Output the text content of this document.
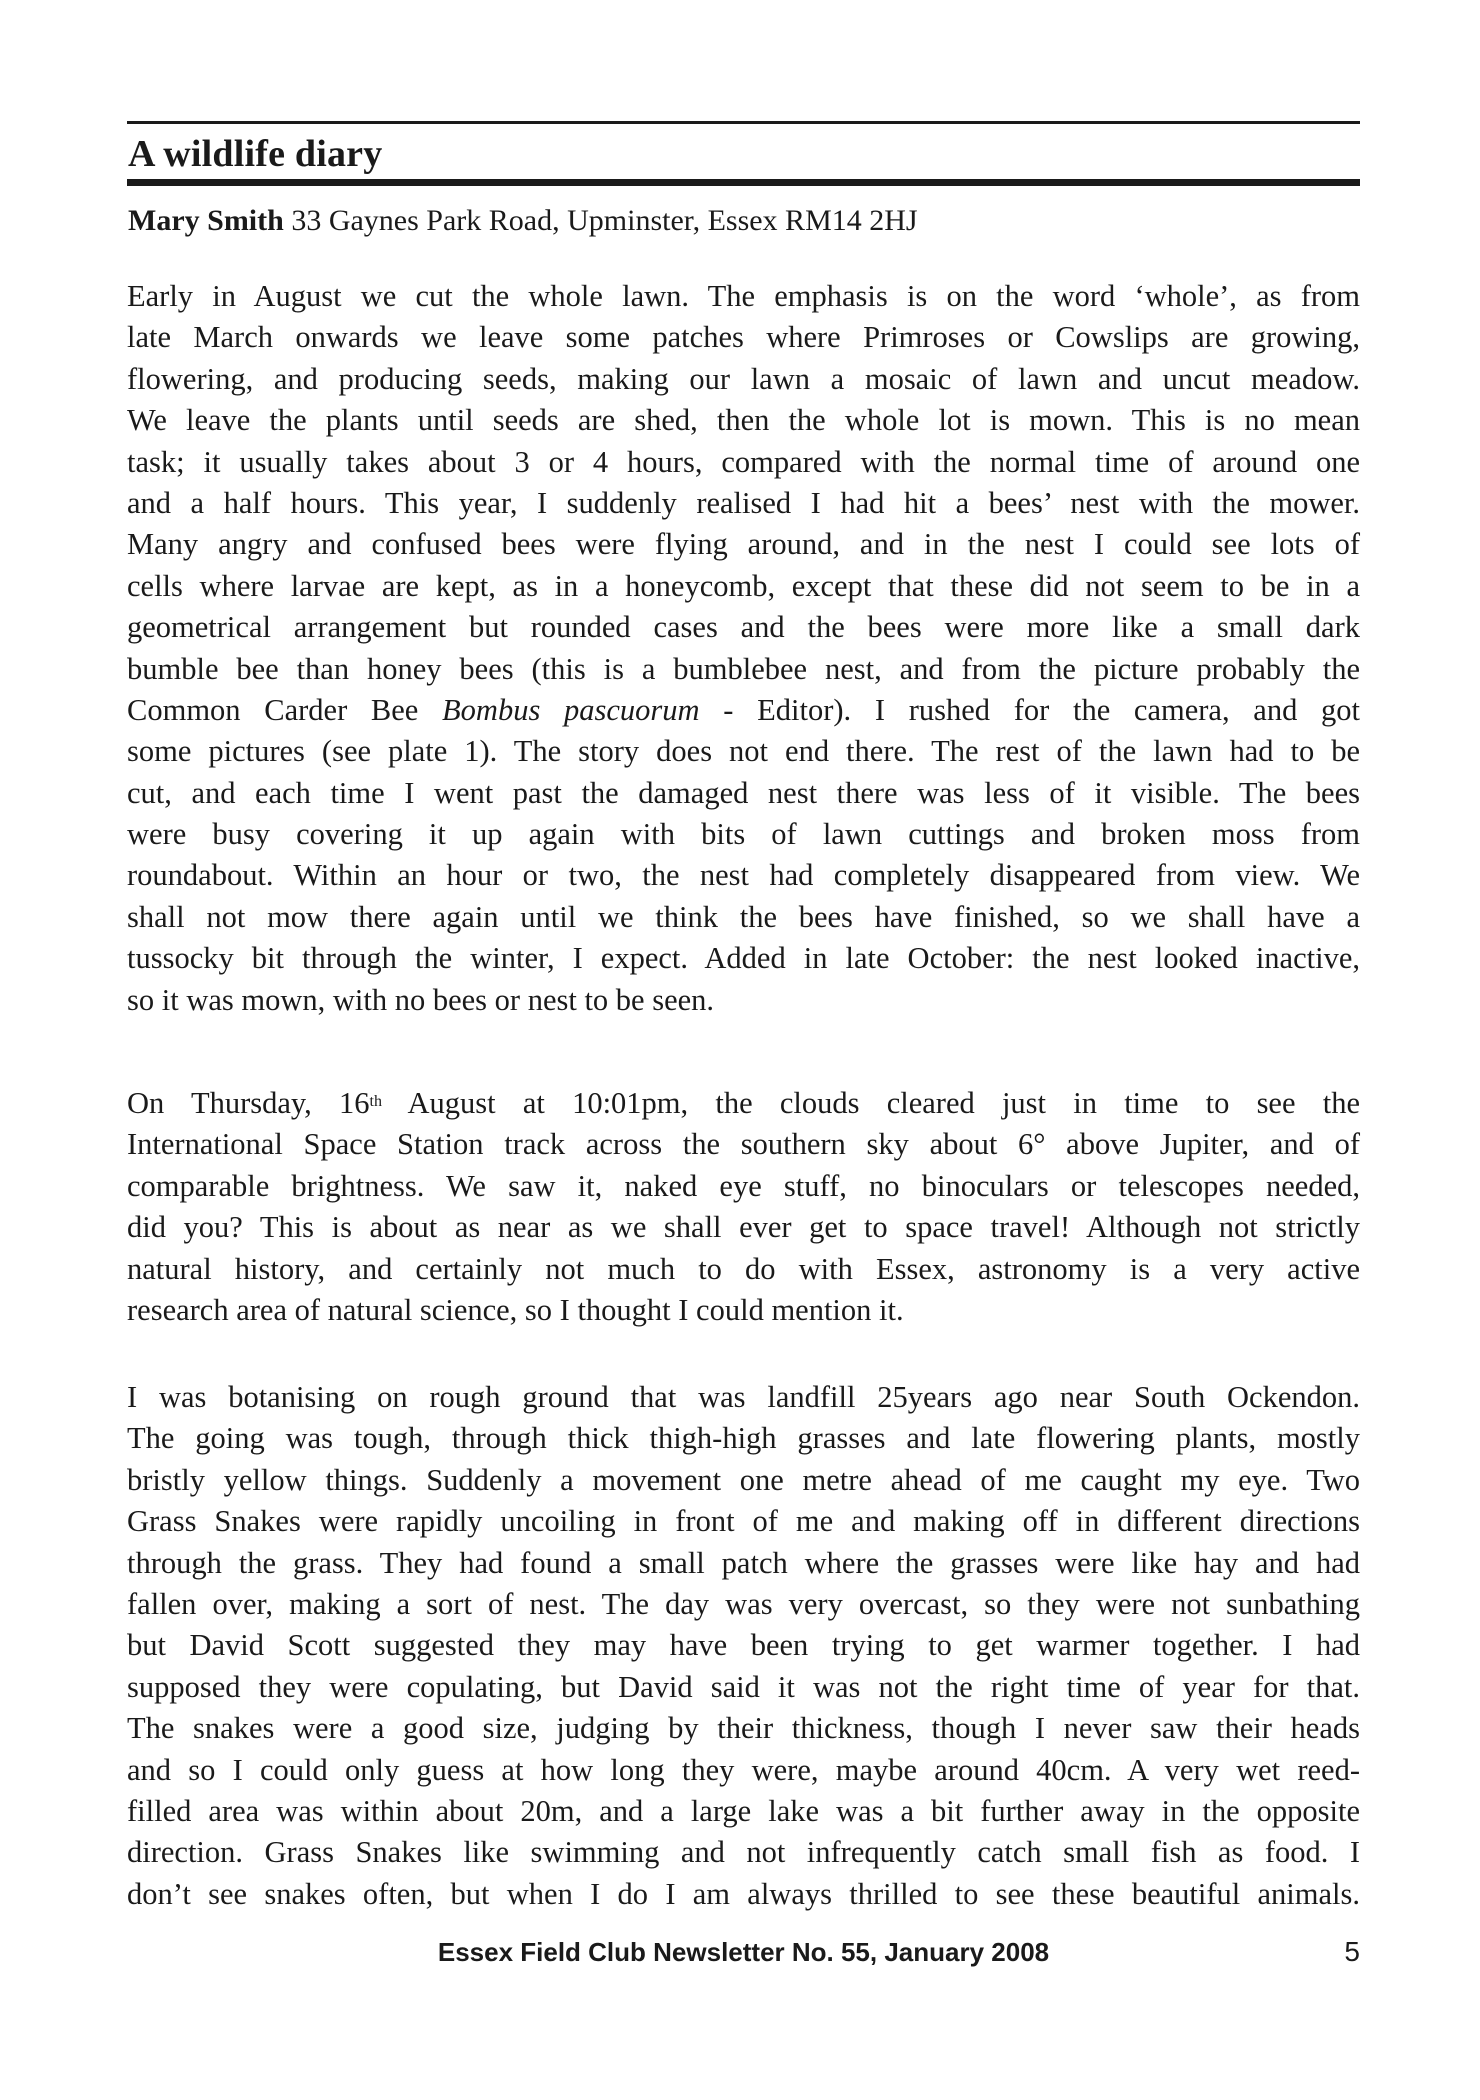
A wildlife diary

Mary Smith 33 Gaynes Park Road, Upminster, Essex RM14 2HJ

Early in August we cut the whole lawn. The emphasis is on the word ‘whole’, as from
late March onwards we leave some patches where Primroses or Cowslips are growing,
flowering, and producing seeds, making our lawn a mosaic of lawn and uncut meadow.
We leave the plants until seeds are shed, then the whole lot is mown. This is no mean
task; it usually takes about 3 or 4 hours, compared with the normal time of around one
and a half hours. This year, I suddenly realised I had hit a bees’ nest with the mower.
Many angry and confused bees were flying around, and in the nest I could see lots of
cells where larvae are kept, as in a honeycomb, except that these did not seem to be in a
geometrical arrangement but rounded cases and the bees were more like a small dark
bumble bee than honey bees (this is a bumblebee nest, and from the picture probably the
Common Carder Bee Bombus pascuorum - Editor). I rushed for the camera, and got
some pictures (see plate 1). The story does not end there. The rest of the lawn had to be
cut, and each time I went past the damaged nest there was less of it visible. The bees
were busy covering it up again with bits of lawn cuttings and broken moss from
roundabout. Within an hour or two, the nest had completely disappeared from view. We
shall not mow there again until we think the bees have finished, so we shall have a
tussocky bit through the winter, I expect. Added in late October: the nest looked inactive,
so it was mown, with no bees or nest to be seen.
On Thursday, 16th August at 10:01pm, the clouds cleared just in time to see the
International Space Station track across the southern sky about 6° above Jupiter, and of
comparable brightness. We saw it, naked eye stuff, no binoculars or telescopes needed,
did you? This is about as near as we shall ever get to space travel! Although not strictly
natural history, and certainly not much to do with Essex, astronomy is a very active
research area of natural science, so I thought I could mention it.
I was botanising on rough ground that was landfill 25years ago near South Ockendon.
The going was tough, through thick thigh-high grasses and late flowering plants, mostly
bristly yellow things. Suddenly a movement one metre ahead of me caught my eye. Two
Grass Snakes were rapidly uncoiling in front of me and making off in different directions
through the grass. They had found a small patch where the grasses were like hay and had
fallen over, making a sort of nest. The day was very overcast, so they were not sunbathing
but David Scott suggested they may have been trying to get warmer together. I had
supposed they were copulating, but David said it was not the right time of year for that.
The snakes were a good size, judging by their thickness, though I never saw their heads
and so I could only guess at how long they were, maybe around 40cm. A very wet reed-
filled area was within about 20m, and a large lake was a bit further away in the opposite
direction. Grass Snakes like swimming and not infrequently catch small fish as food. I
don’t see snakes often, but when I do I am always thrilled to see these beautiful animals.
Essex Field Club Newsletter No. 55, January 2008	5
